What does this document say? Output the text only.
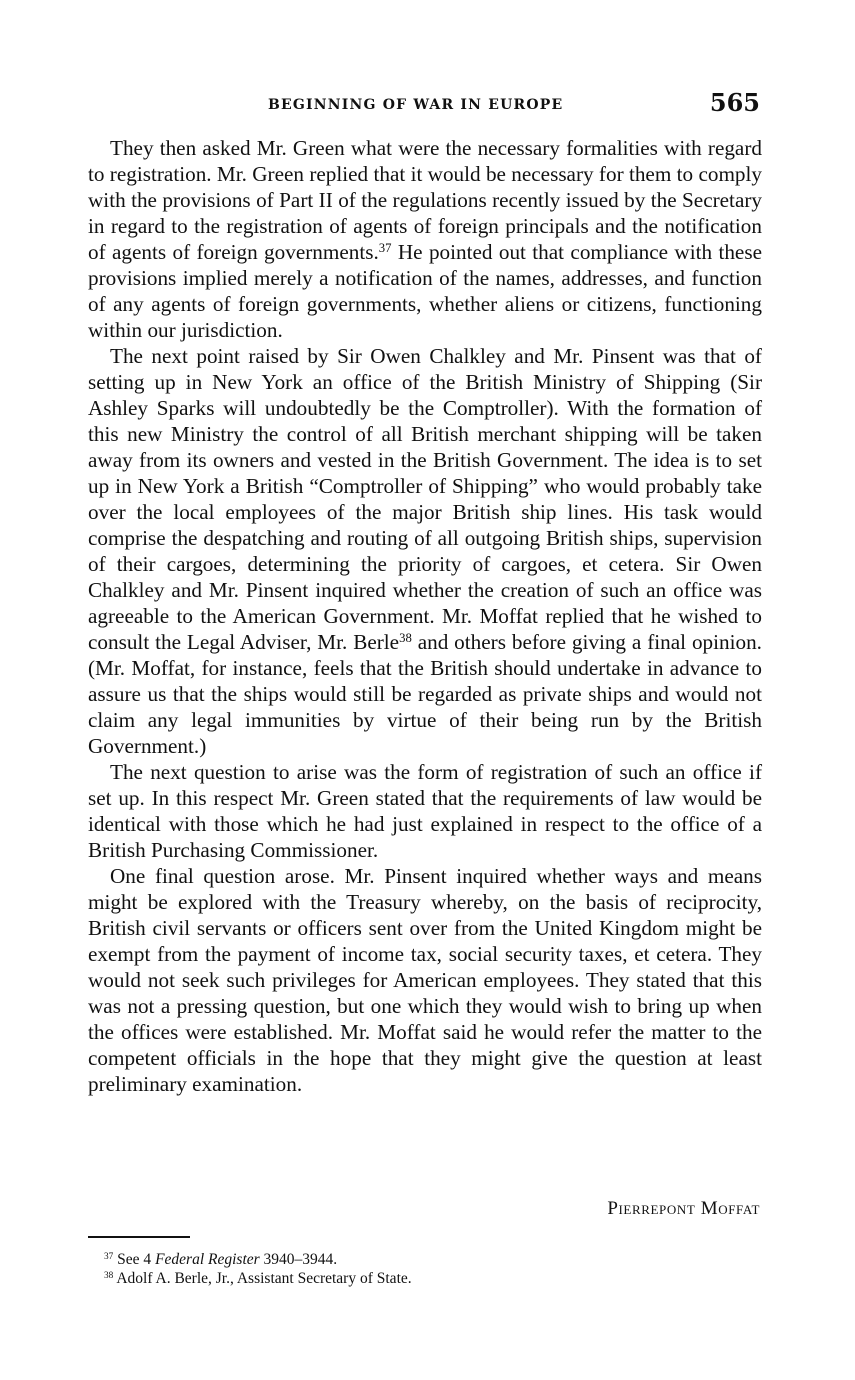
BEGINNING OF WAR IN EUROPE	565

They then asked Mr. Green what were the necessary formalities with regard to registration. Mr. Green replied that it would be necessary for them to comply with the provisions of Part II of the regulations recently issued by the Secretary in regard to the registration of agents of foreign principals and the notification of agents of foreign governments.$^{37}$ He pointed out that compliance with these provisions implied merely a notification of the names, addresses, and function of any agents of foreign governments, whether aliens or citizens, functioning within our jurisdiction.

The next point raised by Sir Owen Chalkley and Mr. Pinsent was that of setting up in New York an office of the British Ministry of Shipping (Sir Ashley Sparks will undoubtedly be the Comptroller). With the formation of this new Ministry the control of all British merchant shipping will be taken away from its owners and vested in the British Government. The idea is to set up in New York a British “Comptroller of Shipping” who would probably take over the local employees of the major British ship lines. His task would comprise the despatching and routing of all outgoing British ships, supervision of their cargoes, determining the priority of cargoes, et cetera. Sir Owen Chalkley and Mr. Pinsent inquired whether the creation of such an office was agreeable to the American Government. Mr. Moffat replied that he wished to consult the Legal Adviser, Mr. Berle$^{38}$ and others before giving a final opinion. (Mr. Moffat, for instance, feels that the British should undertake in advance to assure us that the ships would still be regarded as private ships and would not claim any legal immunities by virtue of their being run by the British Government.)

The next question to arise was the form of registration of such an office if set up. In this respect Mr. Green stated that the requirements of law would be identical with those which he had just explained in respect to the office of a British Purchasing Commissioner.

One final question arose. Mr. Pinsent inquired whether ways and means might be explored with the Treasury whereby, on the basis of reciprocity, British civil servants or officers sent over from the United Kingdom might be exempt from the payment of income tax, social security taxes, et cetera. They would not seek such privileges for American employees. They stated that this was not a pressing question, but one which they would wish to bring up when the offices were established. Mr. Moffat said he would refer the matter to the competent officials in the hope that they might give the question at least preliminary examination.

Pierrepont Moffat
$^{37}$ See 4 Federal Register 3940–3944.
$^{38}$ Adolf A. Berle, Jr., Assistant Secretary of State.
